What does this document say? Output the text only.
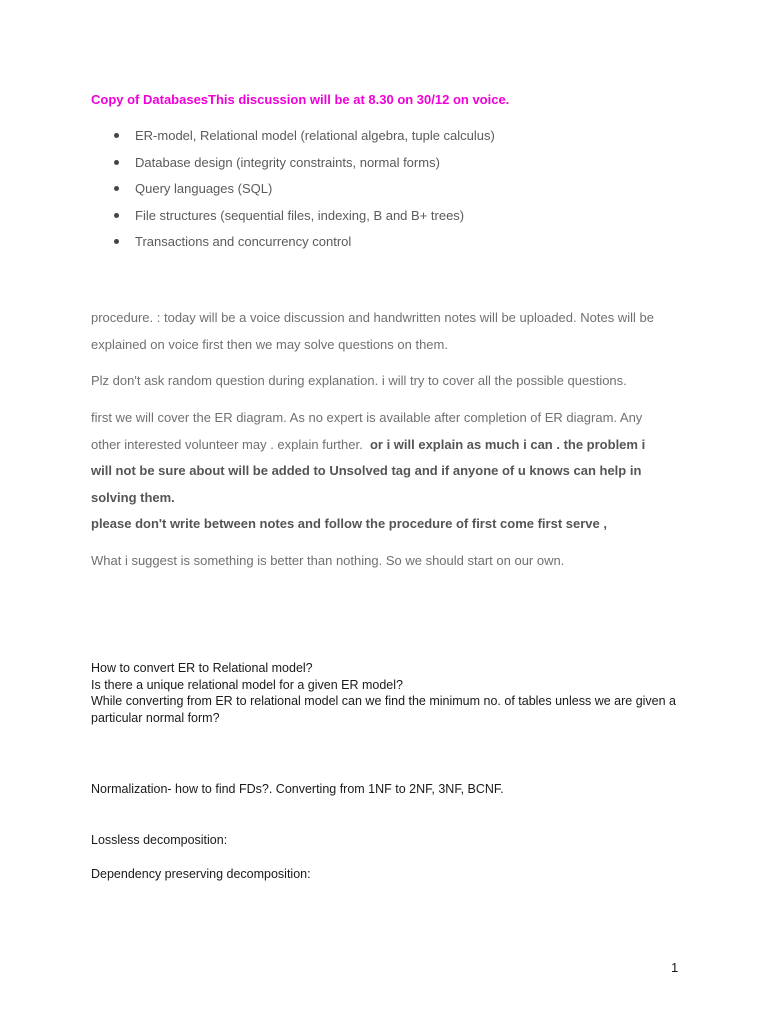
Copy of DatabasesThis discussion will be at 8.30 on 30/12 on voice.
ER-model, Relational model (relational algebra, tuple calculus)
Database design (integrity constraints, normal forms)
Query languages (SQL)
File structures (sequential files, indexing, B and B+ trees)
Transactions and concurrency control
procedure. : today will be a voice discussion and handwritten notes will be uploaded. Notes will be
explained on voice first then we may solve questions on them.
Plz don't ask random question during explanation. i will try to cover all the possible questions.
first we will cover the ER diagram. As no expert is available after completion of ER diagram. Any
other interested volunteer may . explain further. or i will explain as much i can . the problem i
will not be sure about will be added to Unsolved tag and if anyone of u knows can help in
solving them.
please don't write between notes and follow the procedure of first come first serve ,
What i suggest is something is better than nothing. So we should start on our own.
How to convert ER to Relational model?
Is there a unique relational model for a given ER model?
While converting from ER to relational model can we find the minimum no. of tables unless we are given a
particular normal form?
Normalization- how to find FDs?. Converting from 1NF to 2NF, 3NF, BCNF.
Lossless decomposition:
Dependency preserving decomposition:
1
